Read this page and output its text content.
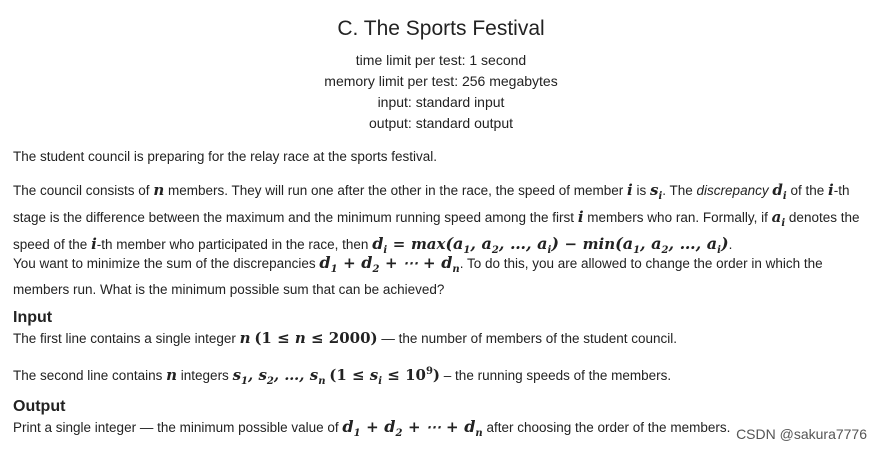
C. The Sports Festival
time limit per test: 1 second
memory limit per test: 256 megabytes
input: standard input
output: standard output
The student council is preparing for the relay race at the sports festival.
The council consists of n members. They will run one after the other in the race, the speed of member i is $s_i$. The discrepancy $d_i$ of the i-th stage is the difference between the maximum and the minimum running speed among the first i members who ran. Formally, if $a_i$ denotes the speed of the i-th member who participated in the race, then $d_i = \max(a_1$, $a_2$, …, $a_i) - \min(a_1$, $a_2$, …, $a_i$).
You want to minimize the sum of the discrepancies $d_1 + d_2$ + ⋯ + $d_n$. To do this, you are allowed to change the order in which the members run. What is the minimum possible sum that can be achieved?
Input
The first line contains a single integer n (1 ≤ n ≤ 2000) — the number of members of the student council.
The second line contains n integers $s_1$, $s_2$, …, $s_n$ $(1 \le s_i \le 10^9)$ – the running speeds of the members.
Output
Print a single integer — the minimum possible value of $d_1 + d_2$ + ⋯ + $d_n$ after choosing the order of the members. CSDN @sakura7776
